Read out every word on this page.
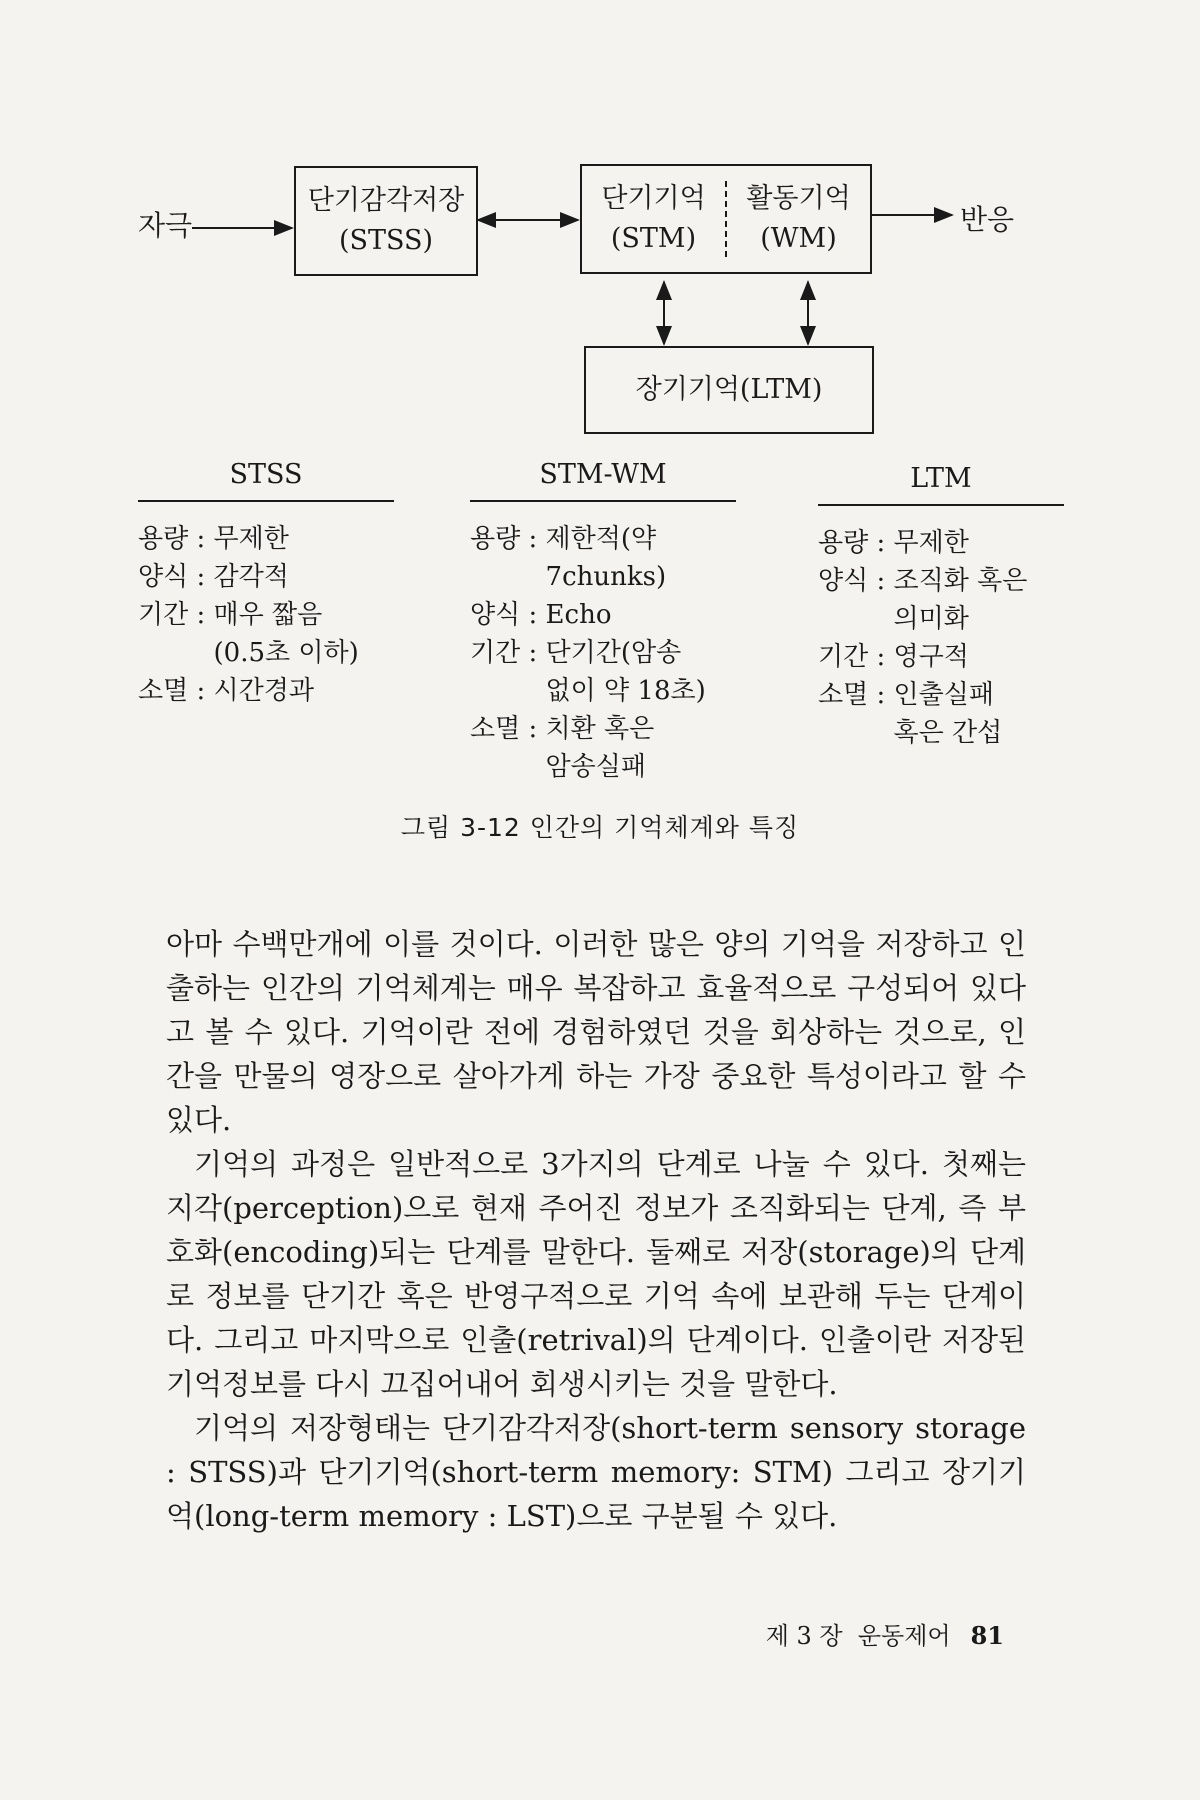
자극	반응
단기감각저장
(STSS)
단기기억
(STM)
활동기억
(WM)
장기기억(LTM)
STSS
용량 : 무제한
양식 : 감각적
기간 : 매우 짧음
(0.5초 이하)
소멸 : 시간경과
STM-WM
용량 : 제한적(약
7chunks)
양식 : Echo
기간 : 단기간(암송
없이 약 18초)
소멸 : 치환 혹은
암송실패
LTM
용량 : 무제한
양식 : 조직화 혹은
의미화
기간 : 영구적
소멸 : 인출실패
혹은 간섭
그림 3-12 인간의 기억체계와 특징

아마 수백만개에 이를 것이다. 이러한 많은 양의 기억을 저장하고 인출하는 인간의 기억체계는 매우 복잡하고 효율적으로 구성되어 있다고 볼 수 있다. 기억이란 전에 경험하였던 것을 회상하는 것으로, 인간을 만물의 영장으로 살아가게 하는 가장 중요한 특성이라고 할 수 있다.

기억의 과정은 일반적으로 3가지의 단계로 나눌 수 있다. 첫째는 지각(perception)으로 현재 주어진 정보가 조직화되는 단계, 즉 부호화(encoding)되는 단계를 말한다. 둘째로 저장(storage)의 단계로 정보를 단기간 혹은 반영구적으로 기억 속에 보관해 두는 단계이다. 그리고 마지막으로 인출(retrival)의 단계이다. 인출이란 저장된 기억정보를 다시 끄집어내어 회생시키는 것을 말한다.

기억의 저장형태는 단기감각저장(short-term sensory storage : STSS)과 단기기억(short-term memory: STM) 그리고 장기기억(long-term memory : LST)으로 구분될 수 있다.

제 3 장  운동제어 81
